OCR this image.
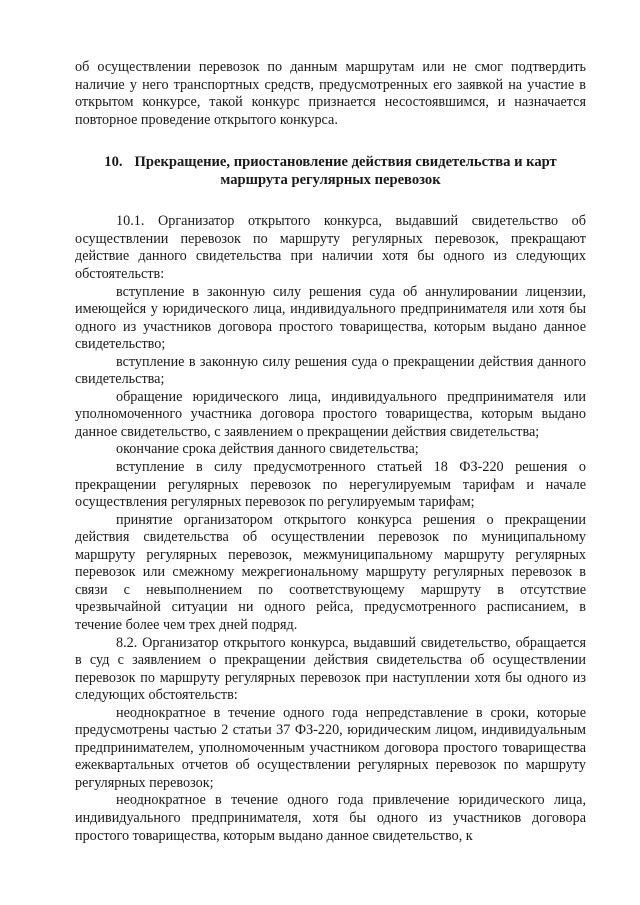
об осуществлении перевозок по данным маршрутам или не смог подтвердить наличие у него транспортных средств, предусмотренных его заявкой на участие в открытом конкурсе, такой конкурс признается несостоявшимся, и назначается повторное проведение открытого конкурса.

10. Прекращение, приостановление действия свидетельства и карт маршрута регулярных перевозок

10.1. Организатор открытого конкурса, выдавший свидетельство об осуществлении перевозок по маршруту регулярных перевозок, прекращают действие данного свидетельства при наличии хотя бы одного из следующих обстоятельств:

вступление в законную силу решения суда об аннулировании лицензии, имеющейся у юридического лица, индивидуального предпринимателя или хотя бы одного из участников договора простого товарищества, которым выдано данное свидетельство;

вступление в законную силу решения суда о прекращении действия данного свидетельства;

обращение юридического лица, индивидуального предпринимателя или уполномоченного участника договора простого товарищества, которым выдано данное свидетельство, с заявлением о прекращении действия свидетельства;

окончание срока действия данного свидетельства;

вступление в силу предусмотренного статьей 18 ФЗ-220 решения о прекращении регулярных перевозок по нерегулируемым тарифам и начале осуществления регулярных перевозок по регулируемым тарифам;

принятие организатором открытого конкурса решения о прекращении действия свидетельства об осуществлении перевозок по муниципальному маршруту регулярных перевозок, межмуниципальному маршруту регулярных перевозок или смежному межрегиональному маршруту регулярных перевозок в связи с невыполнением по соответствующему маршруту в отсутствие чрезвычайной ситуации ни одного рейса, предусмотренного расписанием, в течение более чем трех дней подряд.

8.2. Организатор открытого конкурса, выдавший свидетельство, обращается в суд с заявлением о прекращении действия свидетельства об осуществлении перевозок по маршруту регулярных перевозок при наступлении хотя бы одного из следующих обстоятельств:

неоднократное в течение одного года непредставление в сроки, которые предусмотрены частью 2 статьи 37 ФЗ-220, юридическим лицом, индивидуальным предпринимателем, уполномоченным участником договора простого товарищества ежеквартальных отчетов об осуществлении регулярных перевозок по маршруту регулярных перевозок;

неоднократное в течение одного года привлечение юридического лица, индивидуального предпринимателя, хотя бы одного из участников договора простого товарищества, которым выдано данное свидетельство, к
